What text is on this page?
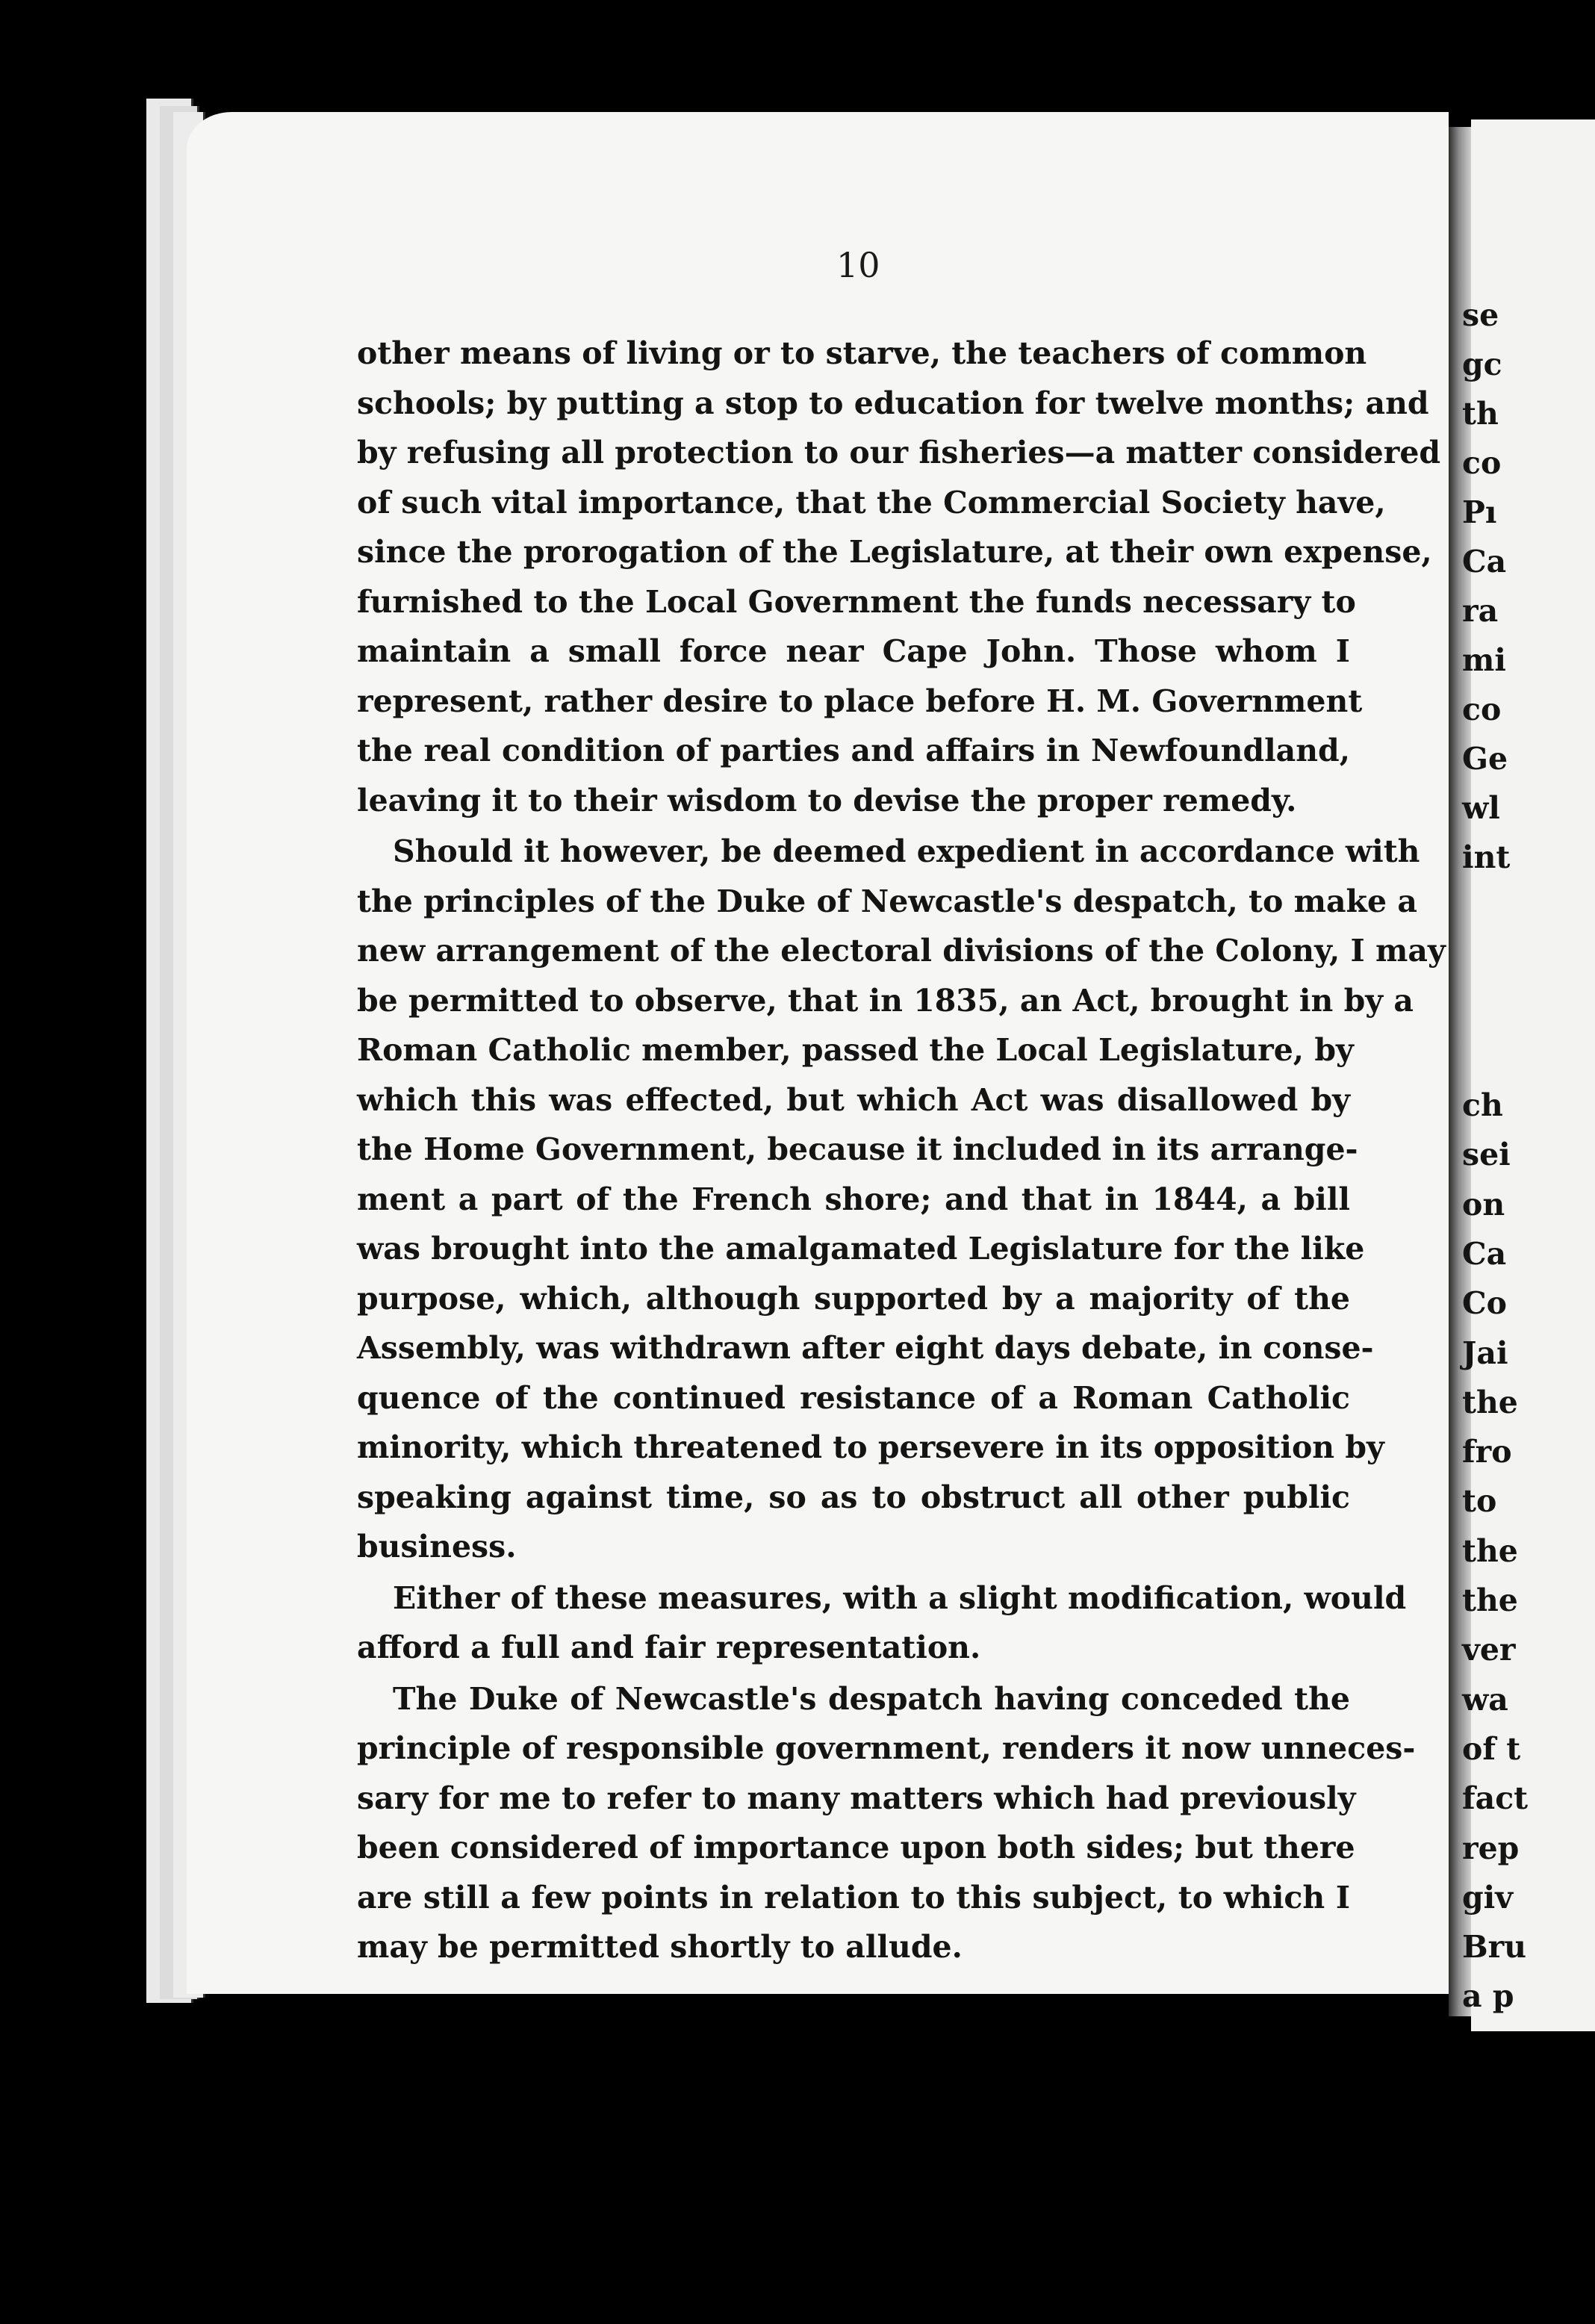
se
gc
th
co
Pı
Ca
ra
mi
co
Ge
wl
int
ch
sei
on
Ca
Co
Jai
the
fro
to
the
the
ver
wa
of t
fact
rep
giv
Bru
a p
10
other means of living or to starve, the teachers of common
schools; by putting a stop to education for twelve months; and
by refusing all protection to our fisheries—a matter considered
of such vital importance, that the Commercial Society have,
since the prorogation of the Legislature, at their own expense,
furnished to the Local Government the funds necessary to
maintain a small force near Cape John. Those whom I
represent, rather desire to place before H. M. Government
the real condition of parties and affairs in Newfoundland,
leaving it to their wisdom to devise the proper remedy.
Should it however, be deemed expedient in accordance with
the principles of the Duke of Newcastle's despatch, to make a
new arrangement of the electoral divisions of the Colony, I may
be permitted to observe, that in 1835, an Act, brought in by a
Roman Catholic member, passed the Local Legislature, by
which this was effected, but which Act was disallowed by
the Home Government, because it included in its arrange-
ment a part of the French shore; and that in 1844, a bill
was brought into the amalgamated Legislature for the like
purpose, which, although supported by a majority of the
Assembly, was withdrawn after eight days debate, in conse-
quence of the continued resistance of a Roman Catholic
minority, which threatened to persevere in its opposition by
speaking against time, so as to obstruct all other public
business.
Either of these measures, with a slight modification, would
afford a full and fair representation.
The Duke of Newcastle's despatch having conceded the
principle of responsible government, renders it now unneces-
sary for me to refer to many matters which had previously
been considered of importance upon both sides; but there
are still a few points in relation to this subject, to which I
may be permitted shortly to allude.
